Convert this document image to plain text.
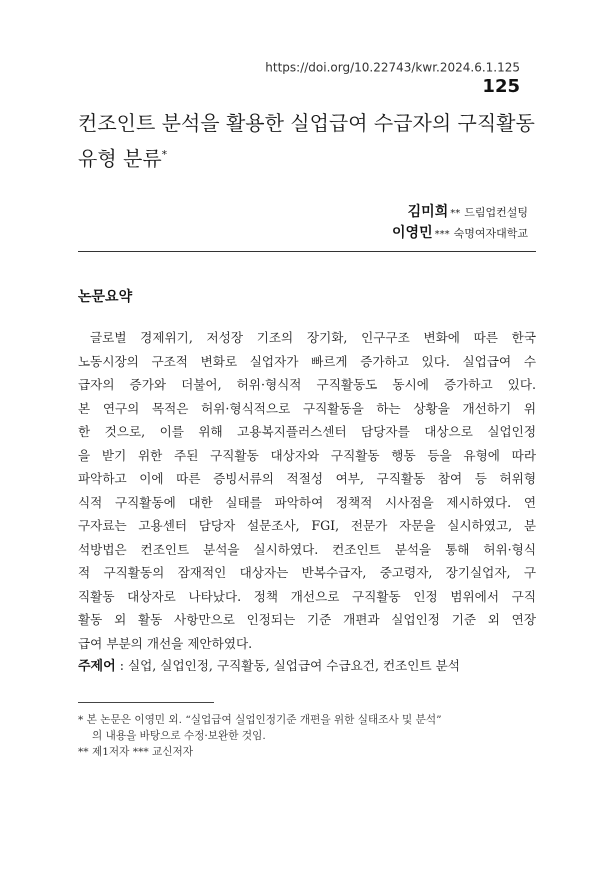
https://doi.org/10.22743/kwr.2024.6.1.125 125
컨조인트 분석을 활용한 실업급여 수급자의 구직활동
유형 분류*
김미희 ** 드림업컨설팅
이영민 *** 숙명여자대학교
논문요약

글로벌 경제위기, 저성장 기조의 장기화, 인구구조 변화에 따른 한국

노동시장의 구조적 변화로 실업자가 빠르게 증가하고 있다. 실업급여 수

급자의 증가와 더불어, 허위·형식적 구직활동도 동시에 증가하고 있다.

본 연구의 목적은 허위·형식적으로 구직활동을 하는 상황을 개선하기 위

한 것으로, 이를 위해 고용복지플러스센터 담당자를 대상으로 실업인정

을 받기 위한 주된 구직활동 대상자와 구직활동 행동 등을 유형에 따라

파악하고 이에 따른 증빙서류의 적절성 여부, 구직활동 참여 등 허위형

식적 구직활동에 대한 실태를 파악하여 정책적 시사점을 제시하였다. 연

구자료는 고용센터 담당자 설문조사, FGI, 전문가 자문을 실시하였고, 분

석방법은 컨조인트 분석을 실시하였다. 컨조인트 분석을 통해 허위·형식

적 구직활동의 잠재적인 대상자는 반복수급자, 중고령자, 장기실업자, 구

직활동 대상자로 나타났다. 정책 개선으로 구직활동 인정 범위에서 구직

활동 외 활동 사항만으로 인정되는 기준 개편과 실업인정 기준 외 연장

급여 부분의 개선을 제안하였다.

주제어 : 실업, 실업인정, 구직활동, 실업급여 수급요건, 컨조인트 분석
* 본 논문은 이영민 외. “실업급여 실업인정기준 개편을 위한 실태조사 및 분석”
의 내용을 바탕으로 수정·보완한 것임.
** 제1저자 *** 교신저자
